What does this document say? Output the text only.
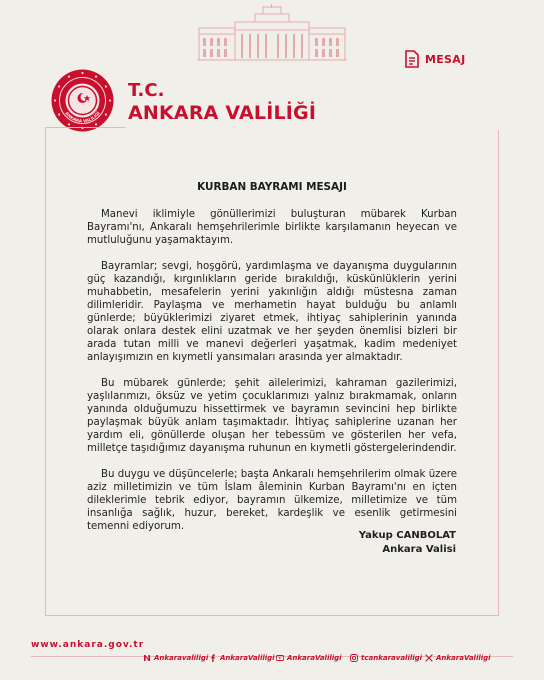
MESAJ
ANKARA VALİLİĞİ
T.C.
ANKARA VALİLİĞİ
KURBAN BAYRAMI MESAJI

Manevi iklimiyle gönüllerimizi buluşturan mübarek Kurban Bayramı'nı, Ankaralı hemşehrilerimle birlikte karşılamanın heyecan ve mutluluğunu yaşamaktayım.

Bayramlar; sevgi, hoşgörü, yardımlaşma ve dayanışma duygularının güç kazandığı, kırgınlıkların geride bırakıldığı, küskünlüklerin yerini muhabbetin, mesafelerin yerini yakınlığın aldığı müstesna zaman dilimleridir. Paylaşma ve merhametin hayat bulduğu bu anlamlı günlerde; büyüklerimizi ziyaret etmek, ihtiyaç sahiplerinin yanında olarak onlara destek elini uzatmak ve her şeyden önemlisi bizleri bir arada tutan milli ve manevi değerleri yaşatmak, kadim medeniyet anlayışımızın en kıymetli yansımaları arasında yer almaktadır.

Bu mübarek günlerde; şehit ailelerimizi, kahraman gazilerimizi, yaşlılarımızı, öksüz ve yetim çocuklarımızı yalnız bırakmamak, onların yanında olduğumuzu hissettirmek ve bayramın sevincini hep birlikte paylaşmak büyük anlam taşımaktadır. İhtiyaç sahiplerine uzanan her yardım eli, gönüllerde oluşan her tebessüm ve gösterilen her vefa, milletçe taşıdığımız dayanışma ruhunun en kıymetli göstergelerindendir.

Bu duygu ve düşüncelerle; başta Ankaralı hemşehrilerim olmak üzere aziz milletimizin ve tüm İslam âleminin Kurban Bayramı'nı en içten dileklerimle tebrik ediyor, bayramın ülkemize, milletimize ve tüm insanlığa sağlık, huzur, bereket, kardeşlik ve esenlik getirmesini temenni ediyorum.

Yakup CANBOLAT
Ankara Valisi
www.ankara.gov.tr
Ankaravaliligi AnkaraValiligi AnkaraValiligi	tcankaravaliligi AnkaraValiligi
